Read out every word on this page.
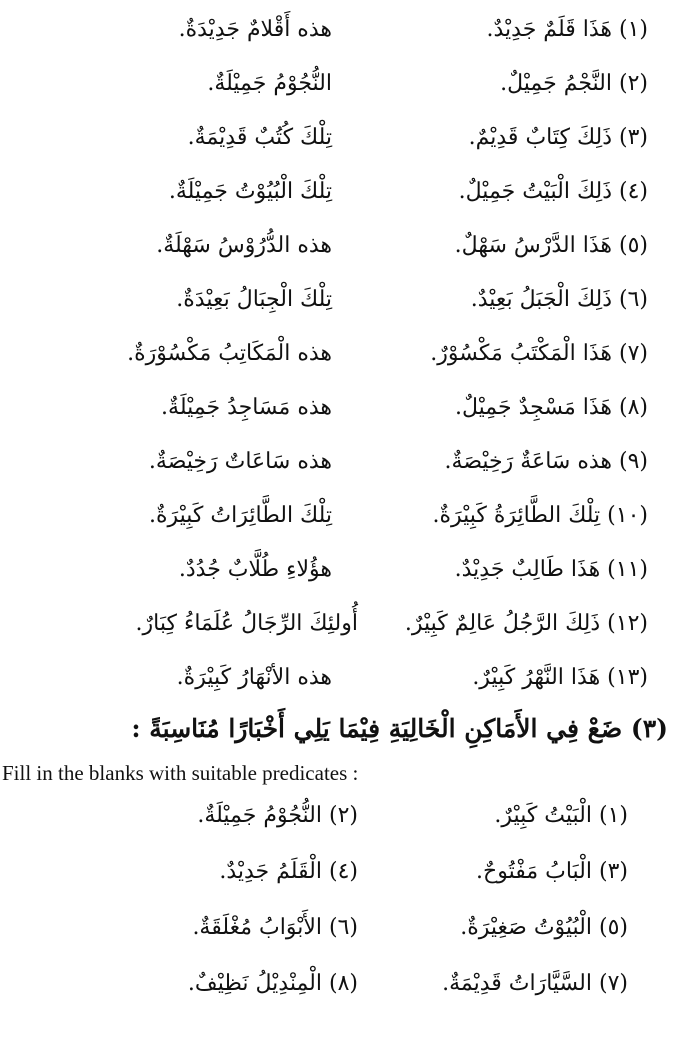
(١) هَذَا قَلَمٌ جَدِيْدٌ.
هذه أَقْلامٌ جَدِيْدَةٌ.
(٢) النَّجْمُ جَمِيْلٌ.
النُّجُوْمُ جَمِيْلَةٌ.
(٣) ذَلِكَ كِتَابٌ قَدِيْمٌ.
تِلْكَ كُتُبٌ قَدِيْمَةٌ.
(٤) ذَلِكَ الْبَيْتُ جَمِيْلٌ.
تِلْكَ الْبُيُوْتُ جَمِيْلَةٌ.
(٥) هَذَا الدَّرْسُ سَهْلٌ.
هذه الدُّرُوْسُ سَهْلَةٌ.
(٦) ذَلِكَ الْجَبَلُ بَعِيْدٌ.
تِلْكَ الْجِبَالُ بَعِيْدَةٌ.
(٧) هَذَا الْمَكْتَبُ مَكْسُوْرٌ.
هذه الْمَكَاتِبُ مَكْسُوْرَةٌ.
(٨) هَذَا مَسْجِدٌ جَمِيْلٌ.
هذه مَسَاجِدُ جَمِيْلَةٌ.
(٩) هذه سَاعَةٌ رَخِيْصَةٌ.
هذه سَاعَاتٌ رَخِيْصَةٌ.
(١٠) تِلْكَ الطَّائِرَةُ كَبِيْرَةٌ.
تِلْكَ الطَّائِرَاتُ كَبِيْرَةٌ.
(١١) هَذَا طَالِبٌ جَدِيْدٌ.
هؤُلاءِ طُلَّابٌ جُدُدٌ.
(١٢) ذَلِكَ الرَّجُلُ عَالِمٌ كَبِيْرٌ.
أُولئِكَ الرِّجَالُ عُلَمَاءُ كِبَارٌ.
(١٣) هَذَا النَّهْرُ كَبِيْرٌ.
هذه الأنْهَارُ كَبِيْرَةٌ.
(٣) ضَعْ فِي الأَمَاكِنِ الْخَالِيَةِ فِيْمَا يَلِي أَخْبَارًا مُنَاسِبَةً :
Fill in the blanks with suitable predicates :
(١) الْبَيْتُ كَبِيْرٌ.
(٢) النُّجُوْمُ جَمِيْلَةٌ.
(٣) الْبَابُ مَفْتُوحٌ.
(٤) الْقَلَمُ جَدِيْدٌ.
(٥) الْبُيُوْتُ صَغِيْرَةٌ.
(٦) الأَبْوَابُ مُغْلَقَةٌ.
(٧) السَّيَّارَاتُ قَدِيْمَةٌ.
(٨) الْمِنْدِيْلُ نَظِيْفٌ.
